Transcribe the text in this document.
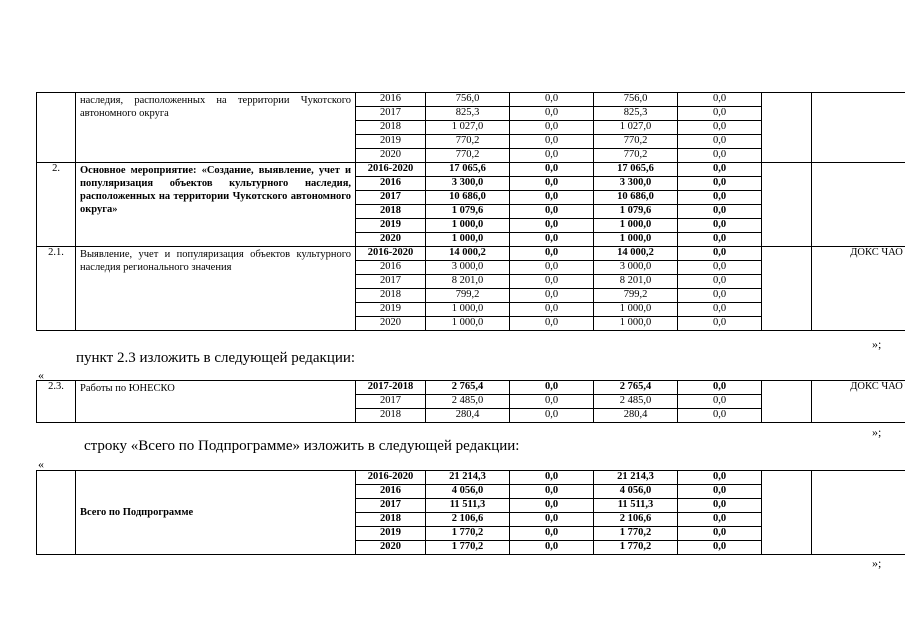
	наследия, расположенных на территории Чукотского автономного округа	2016	756,0	0,0	756,0	0,0		
		2017	825,3	0,0	825,3	0,0		
		2018	1 027,0	0,0	1 027,0	0,0		
		2019	770,2	0,0	770,2	0,0		
		2020	770,2	0,0	770,2	0,0		
2.	Основное мероприятие: «Создание, выявление, учет и популяризация объектов культурного наследия, расположенных на территории Чукотского автономного округа»	2016-2020	17 065,6	0,0	17 065,6	0,0		
		2016	3 300,0	0,0	3 300,0	0,0		
		2017	10 686,0	0,0	10 686,0	0,0		
		2018	1 079,6	0,0	1 079,6	0,0		
		2019	1 000,0	0,0	1 000,0	0,0		
		2020	1 000,0	0,0	1 000,0	0,0		
2.1.	Выявление, учет и популяризация объектов культурного наследия регионального значения	2016-2020	14 000,2	0,0	14 000,2	0,0		ДОКС ЧАО
		2016	3 000,0	0,0	3 000,0	0,0		
		2017	8 201,0	0,0	8 201,0	0,0		
		2018	799,2	0,0	799,2	0,0		
		2019	1 000,0	0,0	1 000,0	0,0		
		2020	1 000,0	0,0	1 000,0	0,0		
»;
пункт 2.3 изложить в следующей редакции:
«
2.3.	Работы по ЮНЕСКО	2017-2018	2 765,4	0,0	2 765,4	0,0		ДОКС ЧАО
		2017	2 485,0	0,0	2 485,0	0,0		
		2018	280,4	0,0	280,4	0,0		
»;
строку «Всего по Подпрограмме» изложить в следующей редакции:
«
	Всего по Подпрограмме	2016-2020	21 214,3	0,0	21 214,3	0,0		
		2016	4 056,0	0,0	4 056,0	0,0		
		2017	11 511,3	0,0	11 511,3	0,0		
		2018	2 106,6	0,0	2 106,6	0,0		
		2019	1 770,2	0,0	1 770,2	0,0		
		2020	1 770,2	0,0	1 770,2	0,0		
»;
